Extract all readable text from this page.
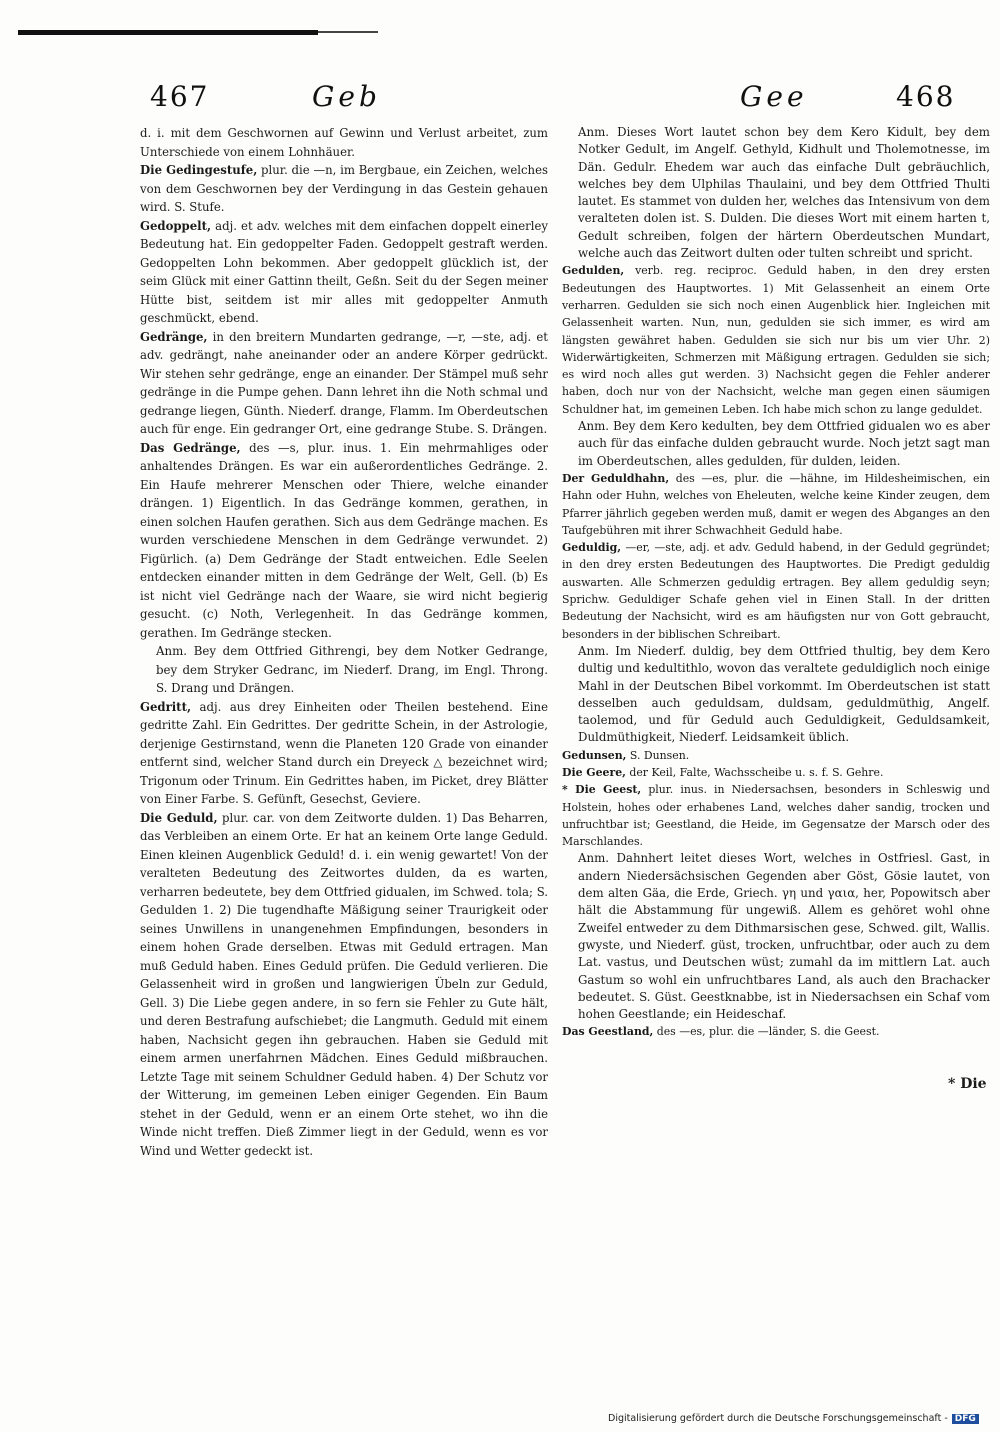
467	Geb	Gee	468

d. i. mit dem Geschwornen auf Gewinn und Verlust arbeitet, zum Unterschiede von einem Lohnhäuer.

Die Gedingestufe, plur. die —n, im Bergbaue, ein Zeichen, welches von dem Geschwornen bey der Verdingung in das Gestein gehauen wird. S. Stufe.

Gedoppelt, adj. et adv. welches mit dem einfachen doppelt einerley Bedeutung hat. Ein gedoppelter Faden. Gedoppelt gestraft werden. Gedoppelten Lohn bekommen. Aber gedoppelt glücklich ist, der seim Glück mit einer Gattinn theilt, Geßn. Seit du der Segen meiner Hütte bist, seitdem ist mir alles mit gedoppelter Anmuth geschmückt, ebend.

Gedränge, in den breitern Mundarten gedrange, —r, —ste, adj. et adv. gedrängt, nahe aneinander oder an andere Körper gedrückt. Wir stehen sehr gedränge, enge an einander. Der Stämpel muß sehr gedränge in die Pumpe gehen. Dann lehret ihn die Noth schmal und gedrange liegen, Günth. Niederf. drange, Flamm. Im Oberdeutschen auch für enge. Ein gedranger Ort, eine gedrange Stube. S. Drängen.

Das Gedränge, des —s, plur. inus. 1. Ein mehrmahliges oder anhaltendes Drängen. Es war ein außerordentliches Gedränge. 2. Ein Haufe mehrerer Menschen oder Thiere, welche einander drängen. 1) Eigentlich. In das Gedränge kommen, gerathen, in einen solchen Haufen gerathen. Sich aus dem Gedränge machen. Es wurden verschiedene Menschen in dem Gedränge verwundet. 2) Figürlich. (a) Dem Gedränge der Stadt entweichen. Edle Seelen entdecken einander mitten in dem Gedränge der Welt, Gell. (b) Es ist nicht viel Gedränge nach der Waare, sie wird nicht begierig gesucht. (c) Noth, Verlegenheit. In das Gedränge kommen, gerathen. Im Gedränge stecken.

Anm. Bey dem Ottfried Githrengi, bey dem Notker Gedrange, bey dem Stryker Gedranc, im Niederf. Drang, im Engl. Throng. S. Drang und Drängen.

Gedritt, adj. aus drey Einheiten oder Theilen bestehend. Eine gedritte Zahl. Ein Gedrittes. Der gedritte Schein, in der Astrologie, derjenige Gestirnstand, wenn die Planeten 120 Grade von einander entfernt sind, welcher Stand durch ein Dreyeck △ bezeichnet wird; Trigonum oder Trinum. Ein Gedrittes haben, im Picket, drey Blätter von Einer Farbe. S. Gefünft, Gesechst, Geviere.

Die Geduld, plur. car. von dem Zeitworte dulden. 1) Das Beharren, das Verbleiben an einem Orte. Er hat an keinem Orte lange Geduld. Einen kleinen Augenblick Geduld! d. i. ein wenig gewartet! Von der veralteten Bedeutung des Zeitwortes dulden, da es warten, verharren bedeutete, bey dem Ottfried gidualen, im Schwed. tola; S. Gedulden 1. 2) Die tugendhafte Mäßigung seiner Traurigkeit oder seines Unwillens in unangenehmen Empfindungen, besonders in einem hohen Grade derselben. Etwas mit Geduld ertragen. Man muß Geduld haben. Eines Geduld prüfen. Die Geduld verlieren. Die Gelassenheit wird in großen und langwierigen Übeln zur Geduld, Gell. 3) Die Liebe gegen andere, in so fern sie Fehler zu Gute hält, und deren Bestrafung aufschiebet; die Langmuth. Geduld mit einem haben, Nachsicht gegen ihn gebrauchen. Haben sie Geduld mit einem armen unerfahrnen Mädchen. Eines Geduld mißbrauchen. Letzte Tage mit seinem Schuldner Geduld haben. 4) Der Schutz vor der Witterung, im gemeinen Leben einiger Gegenden. Ein Baum stehet in der Geduld, wenn er an einem Orte stehet, wo ihn die Winde nicht treffen. Dieß Zimmer liegt in der Geduld, wenn es vor Wind und Wetter gedeckt ist.

Anm. Dieses Wort lautet schon bey dem Kero Kidult, bey dem Notker Gedult, im Angelf. Gethyld, Kidhult und Tholemotnesse, im Dän. Gedulr. Ehedem war auch das einfache Dult gebräuchlich, welches bey dem Ulphilas Thaulaini, und bey dem Ottfried Thulti lautet. Es stammet von dulden her, welches das Intensivum von dem veralteten dolen ist. S. Dulden. Die dieses Wort mit einem harten t, Gedult schreiben, folgen der härtern Oberdeutschen Mundart, welche auch das Zeitwort dulten oder tulten schreibt und spricht.

Gedulden, verb. reg. reciproc. Geduld haben, in den drey ersten Bedeutungen des Hauptwortes. 1) Mit Gelassenheit an einem Orte verharren. Gedulden sie sich noch einen Augenblick hier. Ingleichen mit Gelassenheit warten. Nun, nun, gedulden sie sich immer, es wird am längsten gewähret haben. Gedulden sie sich nur bis um vier Uhr. 2) Widerwärtigkeiten, Schmerzen mit Mäßigung ertragen. Gedulden sie sich; es wird noch alles gut werden. 3) Nachsicht gegen die Fehler anderer haben, doch nur von der Nachsicht, welche man gegen einen säumigen Schuldner hat, im gemeinen Leben. Ich habe mich schon zu lange geduldet.

Anm. Bey dem Kero kedulten, bey dem Ottfried gidualen wo es aber auch für das einfache dulden gebraucht wurde. Noch jetzt sagt man im Oberdeutschen, alles gedulden, für dulden, leiden.

Der Geduldhahn, des —es, plur. die —hähne, im Hildesheimischen, ein Hahn oder Huhn, welches von Eheleuten, welche keine Kinder zeugen, dem Pfarrer jährlich gegeben werden muß, damit er wegen des Abganges an den Taufgebühren mit ihrer Schwachheit Geduld habe.

Geduldig, —er, —ste, adj. et adv. Geduld habend, in der Geduld gegründet; in den drey ersten Bedeutungen des Hauptwortes. Die Predigt geduldig auswarten. Alle Schmerzen geduldig ertragen. Bey allem geduldig seyn; Sprichw. Geduldiger Schafe gehen viel in Einen Stall. In der dritten Bedeutung der Nachsicht, wird es am häufigsten nur von Gott gebraucht, besonders in der biblischen Schreibart.

Anm. Im Niederf. duldig, bey dem Ottfried thultig, bey dem Kero dultig und kedultithlo, wovon das veraltete geduldiglich noch einige Mahl in der Deutschen Bibel vorkommt. Im Oberdeutschen ist statt desselben auch geduldsam, duldsam, geduldmüthig, Angelf. taolemod, und für Geduld auch Geduldigkeit, Geduldsamkeit, Duldmüthigkeit, Niederf. Leidsamkeit üblich.

Gedunsen, S. Dunsen.

Die Geere, der Keil, Falte, Wachsscheibe u. s. f. S. Gehre.

* Die Geest, plur. inus. in Niedersachsen, besonders in Schleswig und Holstein, hohes oder erhabenes Land, welches daher sandig, trocken und unfruchtbar ist; Geestland, die Heide, im Gegensatze der Marsch oder des Marschlandes.

Anm. Dahnhert leitet dieses Wort, welches in Ostfriesl. Gast, in andern Niedersächsischen Gegenden aber Göst, Gösie lautet, von dem alten Gäa, die Erde, Griech. γη und γαια, her, Popowitsch aber hält die Abstammung für ungewiß. Allem es gehöret wohl ohne Zweifel entweder zu dem Dithmarsischen gese, Schwed. gilt, Wallis. gwyste, und Niederf. güst, trocken, unfruchtbar, oder auch zu dem Lat. vastus, und Deutschen wüst; zumahl da im mittlern Lat. auch Gastum so wohl ein unfruchtbares Land, als auch den Brachacker bedeutet. S. Güst. Geestknabbe, ist in Niedersachsen ein Schaf vom hohen Geestlande; ein Heideschaf.

Das Geestland, des —es, plur. die —länder, S. die Geest.

* Die
Digitalisierung gefördert durch die Deutsche Forschungsgemeinschaft - DFG
